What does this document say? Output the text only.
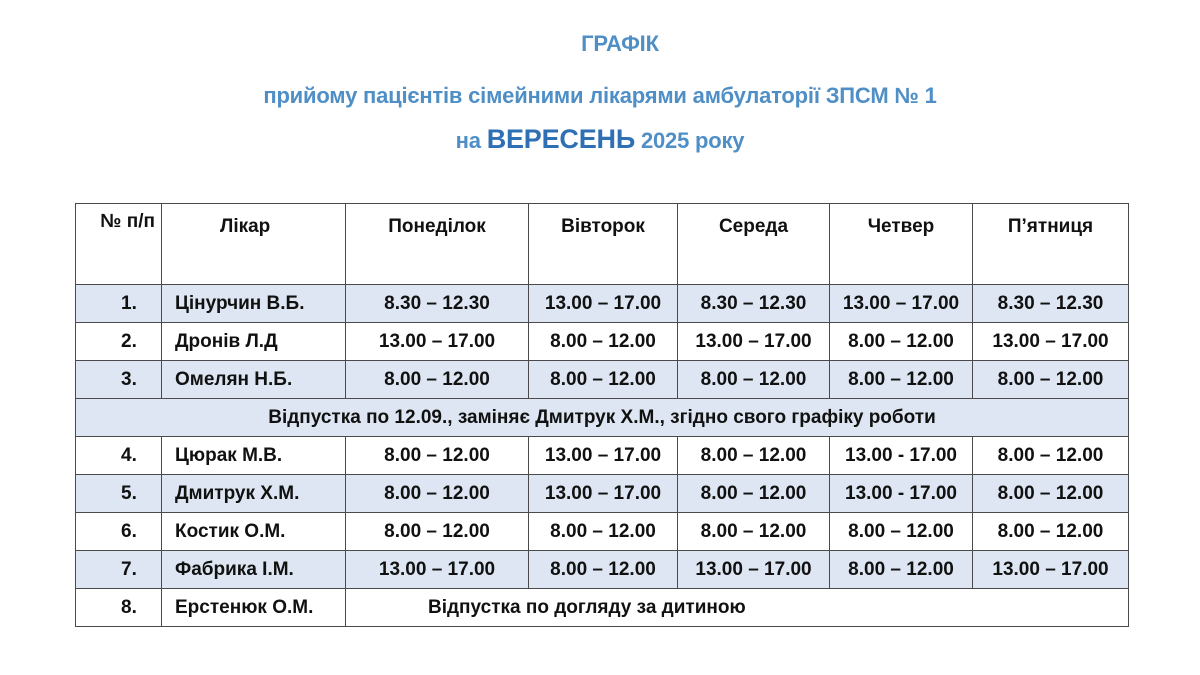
ГРАФІК
прийому пацієнтів сімейними лікарями амбулаторії ЗПСМ № 1
на ВЕРЕСЕНЬ 2025 року
№ п/п	Лікар	Понеділок	Вівторок	Середа	Четвер	П’ятниця
1.	Цінурчин В.Б.	8.30 – 12.30	13.00 – 17.00	8.30 – 12.30	13.00 – 17.00	8.30 – 12.30
2.	Дронів Л.Д	13.00 – 17.00	8.00 – 12.00	13.00 – 17.00	8.00 – 12.00	13.00 – 17.00
3.	Омелян Н.Б.	8.00 – 12.00	8.00 – 12.00	8.00 – 12.00	8.00 – 12.00	8.00 – 12.00
Відпустка по 12.09., заміняє Дмитрук Х.М., згідно свого графіку роботи						
4.	Цюрак М.В.	8.00 – 12.00	13.00 – 17.00	8.00 – 12.00	13.00 - 17.00	8.00 – 12.00
5.	Дмитрук Х.М.	8.00 – 12.00	13.00 – 17.00	8.00 – 12.00	13.00 - 17.00	8.00 – 12.00
6.	Костик О.М.	8.00 – 12.00	8.00 – 12.00	8.00 – 12.00	8.00 – 12.00	8.00 – 12.00
7.	Фабрика І.М.	13.00 – 17.00	8.00 – 12.00	13.00 – 17.00	8.00 – 12.00	13.00 – 17.00
8.	Ерстенюк О.М.	Відпустка по догляду за дитиною				
